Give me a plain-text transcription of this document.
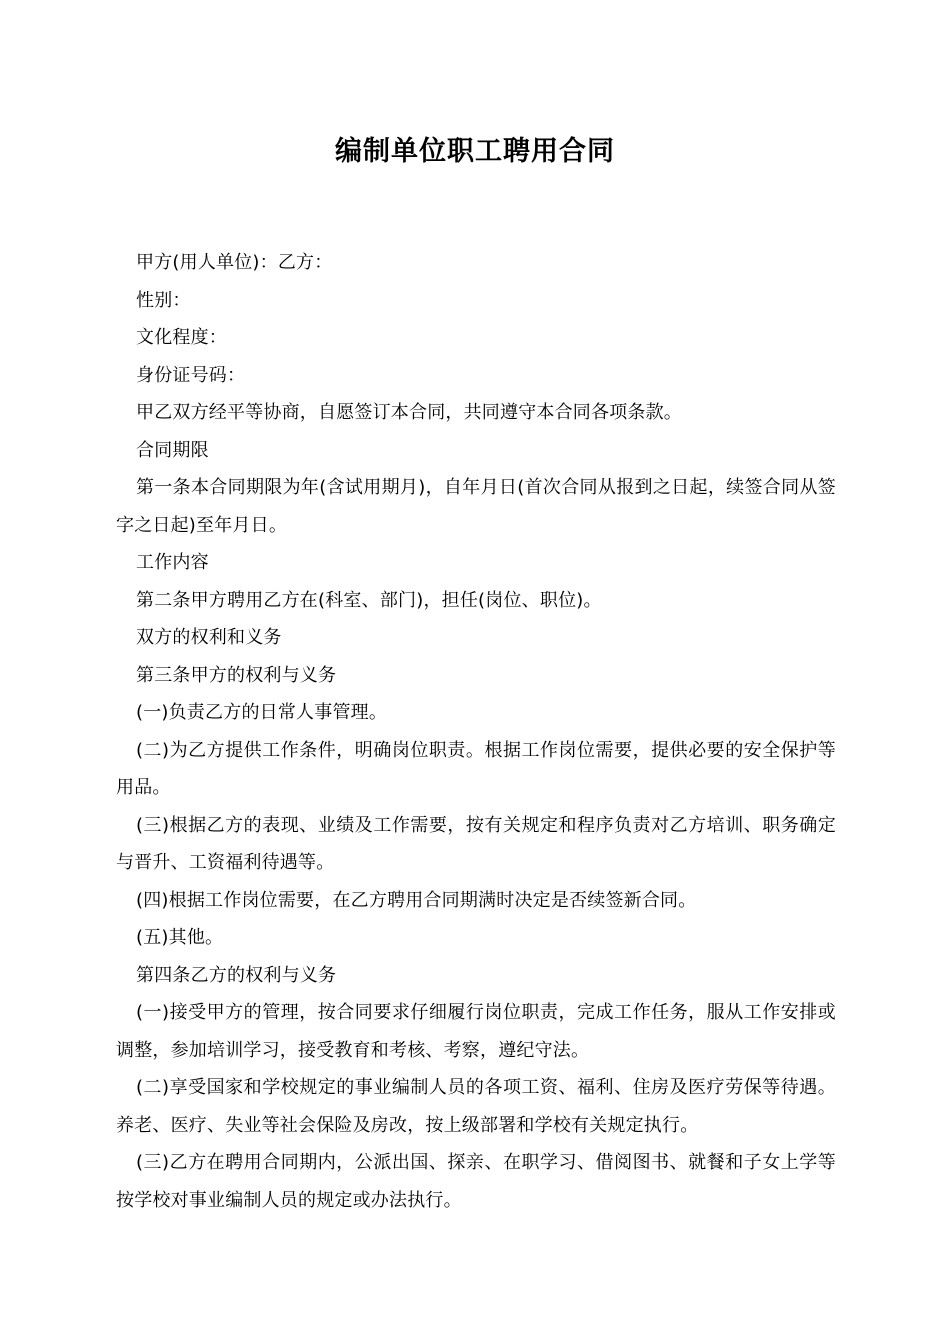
编制单位职工聘用合同

甲方(用人单位)：乙方：

性别：

文化程度：

身份证号码：

甲乙双方经平等协商，自愿签订本合同，共同遵守本合同各项条款。

合同期限

第一条本合同期限为年(含试用期月)，自年月日(首次合同从报到之日起，续签合同从签字之日起)至年月日。

工作内容

第二条甲方聘用乙方在(科室、部门)，担任(岗位、职位)。

双方的权利和义务

第三条甲方的权利与义务

(一)负责乙方的日常人事管理。

(二)为乙方提供工作条件，明确岗位职责。根据工作岗位需要，提供必要的安全保护等用品。

(三)根据乙方的表现、业绩及工作需要，按有关规定和程序负责对乙方培训、职务确定与晋升、工资福利待遇等。

(四)根据工作岗位需要，在乙方聘用合同期满时决定是否续签新合同。

(五)其他。

第四条乙方的权利与义务

(一)接受甲方的管理，按合同要求仔细履行岗位职责，完成工作任务，服从工作安排或调整，参加培训学习，接受教育和考核、考察，遵纪守法。

(二)享受国家和学校规定的事业编制人员的各项工资、福利、住房及医疗劳保等待遇。养老、医疗、失业等社会保险及房改，按上级部署和学校有关规定执行。

(三)乙方在聘用合同期内，公派出国、探亲、在职学习、借阅图书、就餐和子女上学等按学校对事业编制人员的规定或办法执行。
